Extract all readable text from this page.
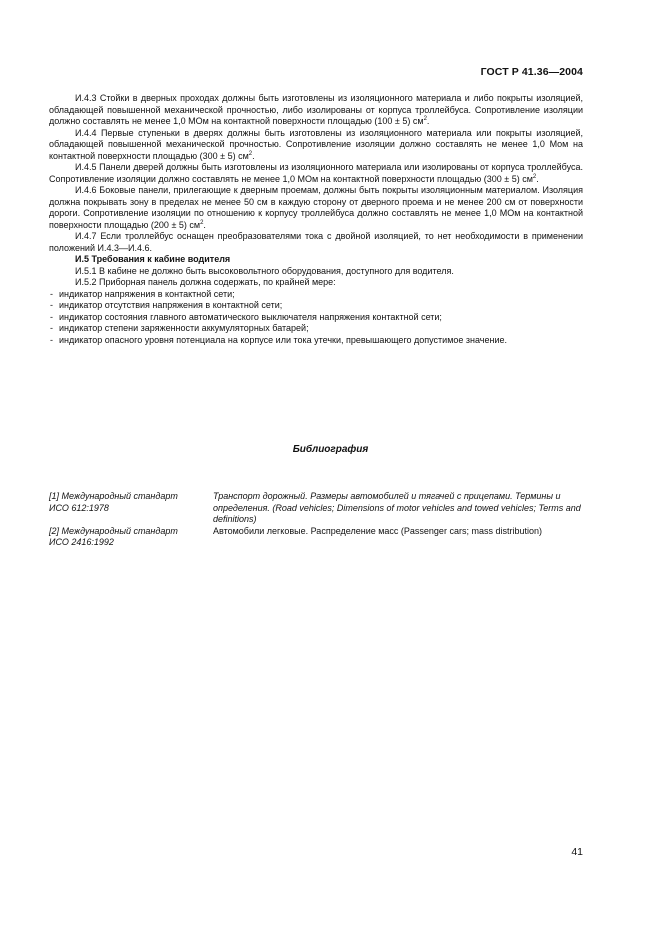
ГОСТ Р 41.36—2004

И.4.3 Стойки в дверных проходах должны быть изготовлены из изоляционного материала и либо покрыты изоляцией, обладающей повышенной механической прочностью, либо изолированы от корпуса троллейбуса. Сопротивление изоляции должно составлять не менее 1,0 МОм на контактной поверхности площадью (100 ± 5) $см^2$.

И.4.4 Первые ступеньки в дверях должны быть изготовлены из изоляционного материала или покрыты изоляцией, обладающей повышенной механической прочностью. Сопротивление изоляции должно составлять не менее 1,0 Мом на контактной поверхности площадью (300 ± 5) $см^2$.

И.4.5 Панели дверей должны быть изготовлены из изоляционного материала или изолированы от корпуса троллейбуса. Сопротивление изоляции должно составлять не менее 1,0 МОм на контактной поверхности площадью (300 ± 5) $см^2$.

И.4.6 Боковые панели, прилегающие к дверным проемам, должны быть покрыты изоляционным материалом. Изоляция должна покрывать зону в пределах не менее 50 см в каждую сторону от дверного проема и не менее 200 см от поверхности дороги. Сопротивление изоляции по отношению к корпусу троллейбуса должно составлять не менее 1,0 МОм на контактной поверхности площадью (200 ± 5) $см^2$.

И.4.7 Если троллейбус оснащен преобразователями тока с двойной изоляцией, то нет необходимости в применении положений И.4.3—И.4.6.

И.5 Требования к кабине водителя

И.5.1 В кабине не должно быть высоковольтного оборудования, доступного для водителя.

И.5.2 Приборная панель должна содержать, по крайней мере:

- индикатор напряжения в контактной сети;
- индикатор отсутствия напряжения в контактной сети;
- индикатор состояния главного автоматического выключателя напряжения контактной сети;
- индикатор степени заряженности аккумуляторных батарей;
- индикатор опасного уровня потенциала на корпусе или тока утечки, превышающего допустимое значение.
Библиография
[1] Международный стандарт
ИСО 612:1978
Транспорт дорожный. Размеры автомобилей и тягачей с прицепами. Термины и определения. (Road vehicles; Dimensions of motor vehicles and towed vehicles; Terms and definitions)
[2] Международный стандарт
ИСО 2416:1992
Автомобили легковые. Распределение масс (Passenger cars; mass distribution)
41
